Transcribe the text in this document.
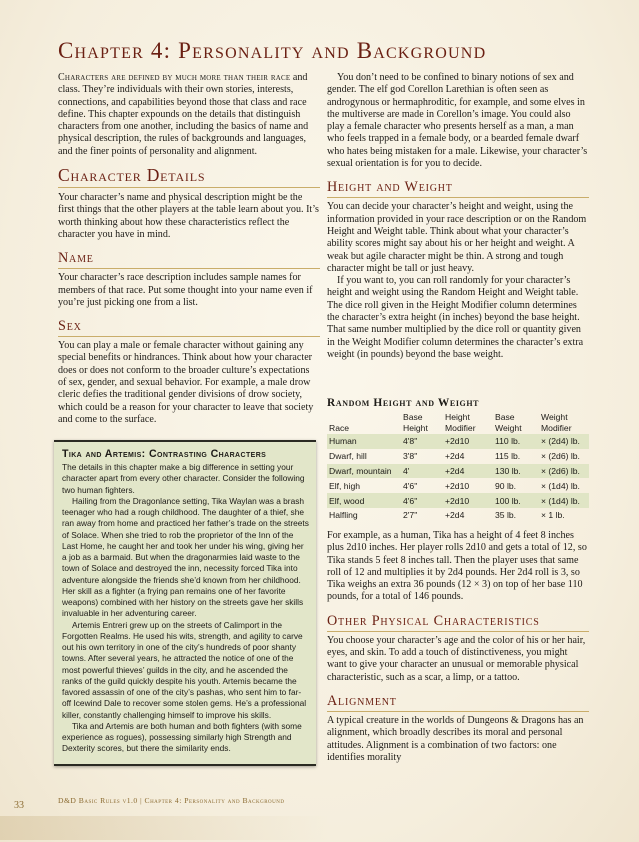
Chapter 4: Personality and Background

Characters are defined by much more than their race and class. They’re individuals with their own stories, interests, connections, and capabilities beyond those that class and race define. This chapter expounds on the details that distinguish characters from one another, including the basics of name and physical description, the rules of backgrounds and languages, and the finer points of personality and alignment.

Character Details

Your character’s name and physical description might be the first things that the other players at the table learn about you. It’s worth thinking about how these characteristics reflect the character you have in mind.

Name

Your character’s race description includes sample names for members of that race. Put some thought into your name even if you’re just picking one from a list.

Sex

You can play a male or female character without gaining any special benefits or hindrances. Think about how your character does or does not conform to the broader culture’s expectations of sex, gender, and sexual behavior. For example, a male drow cleric defies the traditional gender divisions of drow society, which could be a reason for your character to leave that society and come to the surface.

Tika and Artemis: Contrasting Characters

The details in this chapter make a big difference in setting your character apart from every other character. Consider the following two human fighters.

Hailing from the Dragonlance setting, Tika Waylan was a brash teenager who had a rough childhood. The daughter of a thief, she ran away from home and practiced her father’s trade on the streets of Solace. When she tried to rob the proprietor of the Inn of the Last Home, he caught her and took her under his wing, giving her a job as a barmaid. But when the dragonarmies laid waste to the town of Solace and destroyed the inn, necessity forced Tika into adventure alongside the friends she’d known from her childhood. Her skill as a fighter (a frying pan remains one of her favorite weapons) combined with her history on the streets gave her skills invaluable in her adventuring career.

Artemis Entreri grew up on the streets of Calimport in the Forgotten Realms. He used his wits, strength, and agility to carve out his own territory in one of the city’s hundreds of poor shanty towns. After several years, he attracted the notice of one of the most powerful thieves’ guilds in the city, and he ascended the ranks of the guild quickly despite his youth. Artemis became the favored assassin of one of the city’s pashas, who sent him to far-off Icewind Dale to recover some stolen gems. He’s a professional killer, constantly challenging himself to improve his skills.

Tika and Artemis are both human and both fighters (with some experience as rogues), possessing similarly high Strength and Dexterity scores, but there the similarity ends.

You don’t need to be confined to binary notions of sex and gender. The elf god Corellon Larethian is often seen as androgynous or hermaphroditic, for example, and some elves in the multiverse are made in Corellon’s image. You could also play a female character who presents herself as a man, a man who feels trapped in a female body, or a bearded female dwarf who hates being mistaken for a male. Likewise, your character’s sexual orientation is for you to decide.

Height and Weight

You can decide your character’s height and weight, using the information provided in your race description or on the Random Height and Weight table. Think about what your character’s ability scores might say about his or her height and weight. A weak but agile character might be thin. A strong and tough character might be tall or just heavy.

If you want to, you can roll randomly for your character’s height and weight using the Random Height and Weight table. The dice roll given in the Height Modifier column determines the character’s extra height (in inches) beyond the base height. That same number multiplied by the dice roll or quantity given in the Weight Modifier column determines the character’s extra weight (in pounds) beyond the base weight.

Random Height and Weight
Race	Base Height	Height Modifier	Base Weight	Weight Modifier
Human	4'8"	+2d10	110 lb.	× (2d4) lb.
Dwarf, hill	3'8"	+2d4	115 lb.	× (2d6) lb.
Dwarf, mountain	4'	+2d4	130 lb.	× (2d6) lb.
Elf, high	4'6"	+2d10	90 lb.	× (1d4) lb.
Elf, wood	4'6"	+2d10	100 lb.	× (1d4) lb.
Halfling	2'7"	+2d4	35 lb.	× 1 lb.

For example, as a human, Tika has a height of 4 feet 8 inches plus 2d10 inches. Her player rolls 2d10 and gets a total of 12, so Tika stands 5 feet 8 inches tall. Then the player uses that same roll of 12 and multiplies it by 2d4 pounds. Her 2d4 roll is 3, so Tika weighs an extra 36 pounds (12 × 3) on top of her base 110 pounds, for a total of 146 pounds.

Other Physical Characteristics

You choose your character’s age and the color of his or her hair, eyes, and skin. To add a touch of distinctiveness, you might want to give your character an unusual or memorable physical characteristic, such as a scar, a limp, or a tattoo.

Alignment

A typical creature in the worlds of Dungeons & Dragons has an alignment, which broadly describes its moral and personal attitudes. Alignment is a combination of two factors: one identifies morality

D&D Basic Rules v1.0 | Chapter 4: Personality and Background
33
